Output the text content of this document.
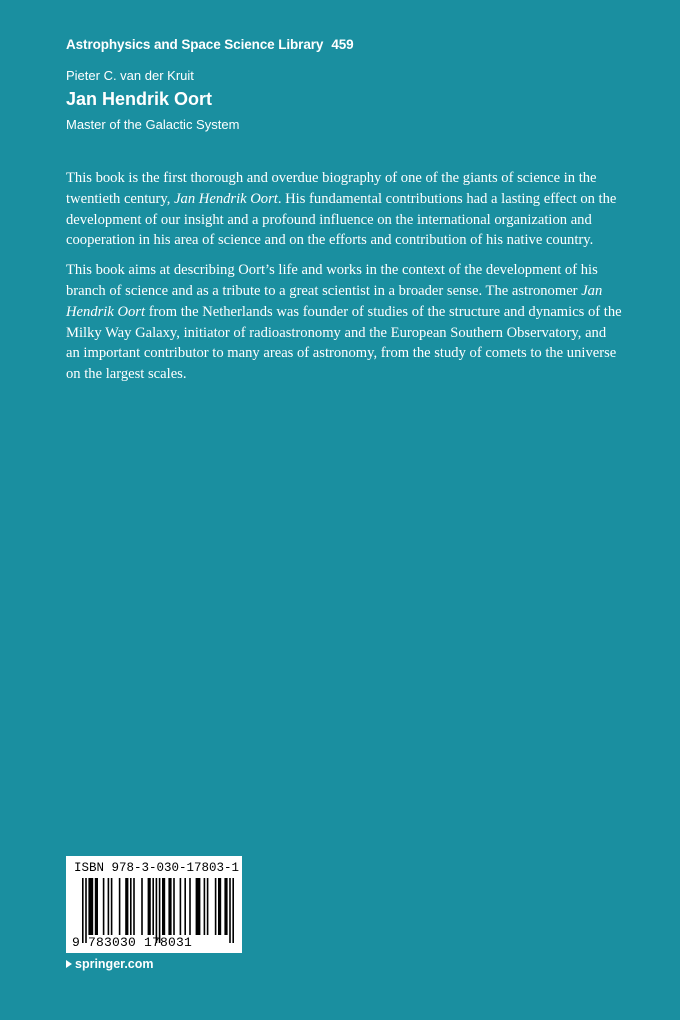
Astrophysics and Space Science Library 459
Pieter C. van der Kruit
Jan Hendrik Oort
Master of the Galactic System

This book is the first thorough and overdue biography of one of the giants of science in the twentieth century, Jan Hendrik Oort. His fundamental contributions had a lasting effect on the development of our insight and a profound influence on the international organization and cooperation in his area of science and on the efforts and contribution of his native country.

This book aims at describing Oort’s life and works in the context of the development of his branch of science and as a tribute to a great scientist in a broader sense. The astronomer Jan Hendrik Oort from the Netherlands was founder of studies of the structure and dynamics of the Milky Way Galaxy, initiator of radioastronomy and the European Southern Observatory, and an important contributor to many areas of astronomy, from the study of comets to the universe on the largest scales.

ISBN 978-3-030-17803-1
9 783030 178031
springer.com
